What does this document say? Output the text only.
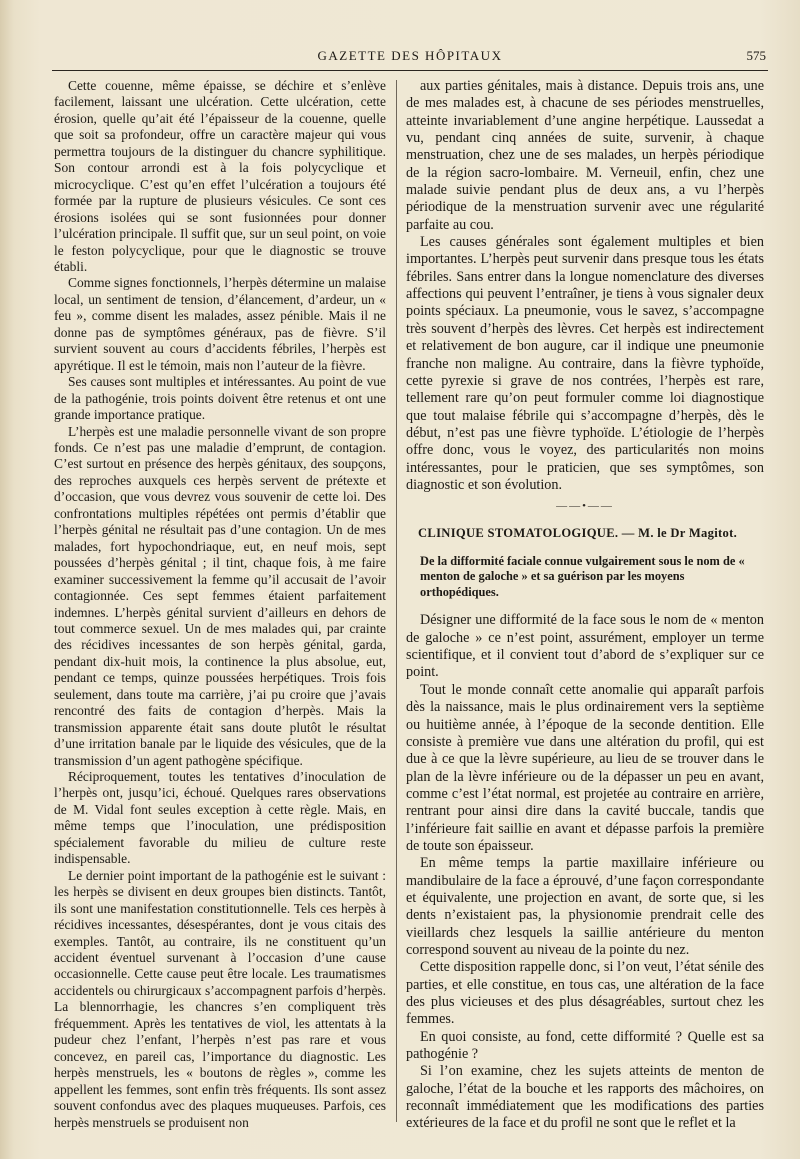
GAZETTE DES HÔPITAUX	575

Cette couenne, même épaisse, se déchire et s’enlève facilement, laissant une ulcération. Cette ulcération, cette érosion, quelle qu’ait été l’épaisseur de la couenne, quelle que soit sa profondeur, offre un caractère majeur qui vous permettra toujours de la distinguer du chancre syphilitique. Son contour arrondi est à la fois polycyclique et microcyclique. C’est qu’en effet l’ulcération a toujours été formée par la rupture de plusieurs vésicules. Ce sont ces érosions isolées qui se sont fusionnées pour donner l’ulcération principale. Il suffit que, sur un seul point, on voie le feston polycyclique, pour que le diagnostic se trouve établi.

Comme signes fonctionnels, l’herpès détermine un malaise local, un sentiment de tension, d’élancement, d’ardeur, un « feu », comme disent les malades, assez pénible. Mais il ne donne pas de symptômes généraux, pas de fièvre. S’il survient souvent au cours d’accidents fébriles, l’herpès est apyrétique. Il est le témoin, mais non l’auteur de la fièvre.

Ses causes sont multiples et intéressantes. Au point de vue de la pathogénie, trois points doivent être retenus et ont une grande importance pratique.

L’herpès est une maladie personnelle vivant de son propre fonds. Ce n’est pas une maladie d’emprunt, de contagion. C’est surtout en présence des herpès génitaux, des soupçons, des reproches auxquels ces herpès servent de prétexte et d’occasion, que vous devrez vous souvenir de cette loi. Des confrontations multiples répétées ont permis d’établir que l’herpès génital ne résultait pas d’une contagion. Un de mes malades, fort hypochondriaque, eut, en neuf mois, sept poussées d’herpès génital ; il tint, chaque fois, à me faire examiner successivement la femme qu’il accusait de l’avoir contagionnée. Ces sept femmes étaient parfaitement indemnes. L’herpès génital survient d’ailleurs en dehors de tout commerce sexuel. Un de mes malades qui, par crainte des récidives incessantes de son herpès génital, garda, pendant dix-huit mois, la continence la plus absolue, eut, pendant ce temps, quinze poussées herpétiques. Trois fois seulement, dans toute ma carrière, j’ai pu croire que j’avais rencontré des faits de contagion d’herpès. Mais la transmission apparente était sans doute plutôt le résultat d’une irritation banale par le liquide des vésicules, que de la transmission d’un agent pathogène spécifique.

Réciproquement, toutes les tentatives d’inoculation de l’herpès ont, jusqu’ici, échoué. Quelques rares observations de M. Vidal font seules exception à cette règle. Mais, en même temps que l’inoculation, une prédisposition spécialement favorable du milieu de culture reste indispensable.

Le dernier point important de la pathogénie est le suivant : les herpès se divisent en deux groupes bien distincts. Tantôt, ils sont une manifestation constitutionnelle. Tels ces herpès à récidives incessantes, désespérantes, dont je vous citais des exemples. Tantôt, au contraire, ils ne constituent qu’un accident éventuel survenant à l’occasion d’une cause occasionnelle. Cette cause peut être locale. Les traumatismes accidentels ou chirurgicaux s’accompagnent parfois d’herpès. La blennorrhagie, les chancres s’en compliquent très fréquemment. Après les tentatives de viol, les attentats à la pudeur chez l’enfant, l’herpès n’est pas rare et vous concevez, en pareil cas, l’importance du diagnostic. Les herpès menstruels, les « boutons de règles », comme les appellent les femmes, sont enfin très fréquents. Ils sont assez souvent confondus avec des plaques muqueuses. Parfois, ces herpès menstruels se produisent non

aux parties génitales, mais à distance. Depuis trois ans, une de mes malades est, à chacune de ses périodes menstruelles, atteinte invariablement d’une angine herpétique. Laussedat a vu, pendant cinq années de suite, survenir, à chaque menstruation, chez une de ses malades, un herpès périodique de la région sacro-lombaire. M. Verneuil, enfin, chez une malade suivie pendant plus de deux ans, a vu l’herpès périodique de la menstruation survenir avec une régularité parfaite au cou.

Les causes générales sont également multiples et bien importantes. L’herpès peut survenir dans presque tous les états fébriles. Sans entrer dans la longue nomenclature des diverses affections qui peuvent l’entraîner, je tiens à vous signaler deux points spéciaux. La pneumonie, vous le savez, s’accompagne très souvent d’herpès des lèvres. Cet herpès est indirectement et relativement de bon augure, car il indique une pneumonie franche non maligne. Au contraire, dans la fièvre typhoïde, cette pyrexie si grave de nos contrées, l’herpès est rare, tellement rare qu’on peut formuler comme loi diagnostique que tout malaise fébrile qui s’accompagne d’herpès, dès le début, n’est pas une fièvre typhoïde. L’étiologie de l’herpès offre donc, vous le voyez, des particularités non moins intéressantes, pour le praticien, que ses symptômes, son diagnostic et son évolution.

——•——
CLINIQUE STOMATOLOGIQUE. — M. le Dr Magitot.
De la difformité faciale connue vulgairement sous le nom de « menton de galoche » et sa guérison par les moyens orthopédiques.

Désigner une difformité de la face sous le nom de « menton de galoche » ce n’est point, assurément, employer un terme scientifique, et il convient tout d’abord de s’expliquer sur ce point.

Tout le monde connaît cette anomalie qui apparaît parfois dès la naissance, mais le plus ordinairement vers la septième ou huitième année, à l’époque de la seconde dentition. Elle consiste à première vue dans une altération du profil, qui est due à ce que la lèvre supérieure, au lieu de se trouver dans le plan de la lèvre inférieure ou de la dépasser un peu en avant, comme c’est l’état normal, est projetée au contraire en arrière, rentrant pour ainsi dire dans la cavité buccale, tandis que l’inférieure fait saillie en avant et dépasse parfois la première de toute son épaisseur.

En même temps la partie maxillaire inférieure ou mandibulaire de la face a éprouvé, d’une façon correspondante et équivalente, une projection en avant, de sorte que, si les dents n’existaient pas, la physionomie prendrait celle des vieillards chez lesquels la saillie antérieure du menton correspond souvent au niveau de la pointe du nez.

Cette disposition rappelle donc, si l’on veut, l’état sénile des parties, et elle constitue, en tous cas, une altération de la face des plus vicieuses et des plus désagréables, surtout chez les femmes.

En quoi consiste, au fond, cette difformité ? Quelle est sa pathogénie ?

Si l’on examine, chez les sujets atteints de menton de galoche, l’état de la bouche et les rapports des mâchoires, on reconnaît immédiatement que les modifications des parties extérieures de la face et du profil ne sont que le reflet et la
